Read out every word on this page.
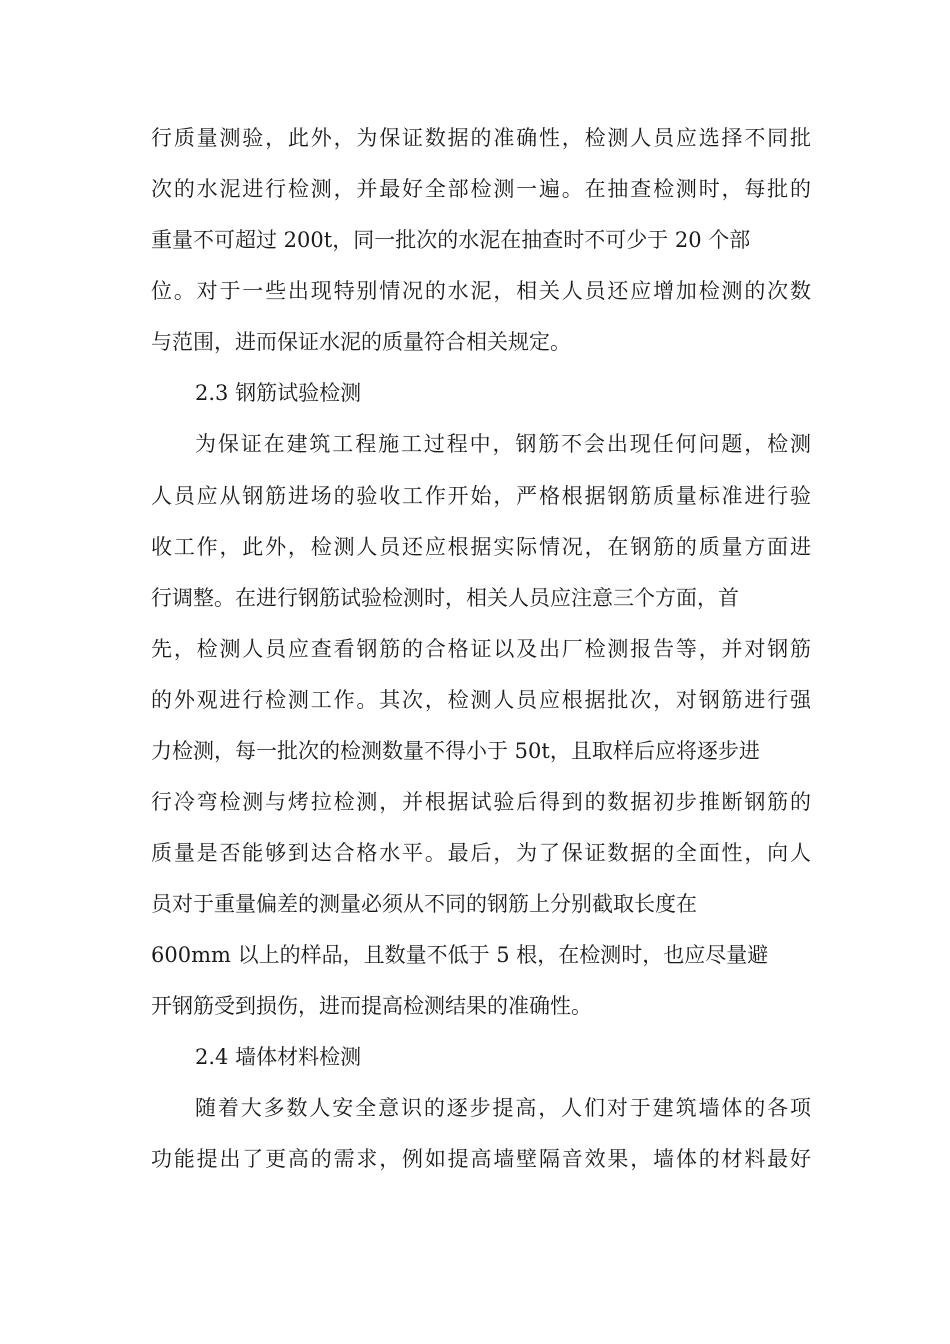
行质量测验，此外，为保证数据的准确性，检测人员应选择不同批
次的水泥进行检测，并最好全部检测一遍。在抽查检测时，每批的
重量不可超过 200t，同一批次的水泥在抽查时不可少于 20 个部
位。对于一些出现特别情况的水泥，相关人员还应增加检测的次数
与范围，进而保证水泥的质量符合相关规定。
2.3 钢筋试验检测
为保证在建筑工程施工过程中，钢筋不会出现任何问题，检测
人员应从钢筋进场的验收工作开始，严格根据钢筋质量标准进行验
收工作，此外，检测人员还应根据实际情况，在钢筋的质量方面进
行调整。在进行钢筋试验检测时，相关人员应注意三个方面，首
先，检测人员应查看钢筋的合格证以及出厂检测报告等，并对钢筋
的外观进行检测工作。其次，检测人员应根据批次，对钢筋进行强
力检测，每一批次的检测数量不得小于 50t，且取样后应将逐步进
行冷弯检测与烤拉检测，并根据试验后得到的数据初步推断钢筋的
质量是否能够到达合格水平。最后，为了保证数据的全面性，向人
员对于重量偏差的测量必须从不同的钢筋上分别截取长度在
600mm 以上的样品，且数量不低于 5 根，在检测时，也应尽量避
开钢筋受到损伤，进而提高检测结果的准确性。
2.4 墙体材料检测
随着大多数人安全意识的逐步提高，人们对于建筑墙体的各项
功能提出了更高的需求，例如提高墙壁隔音效果，墙体的材料最好
